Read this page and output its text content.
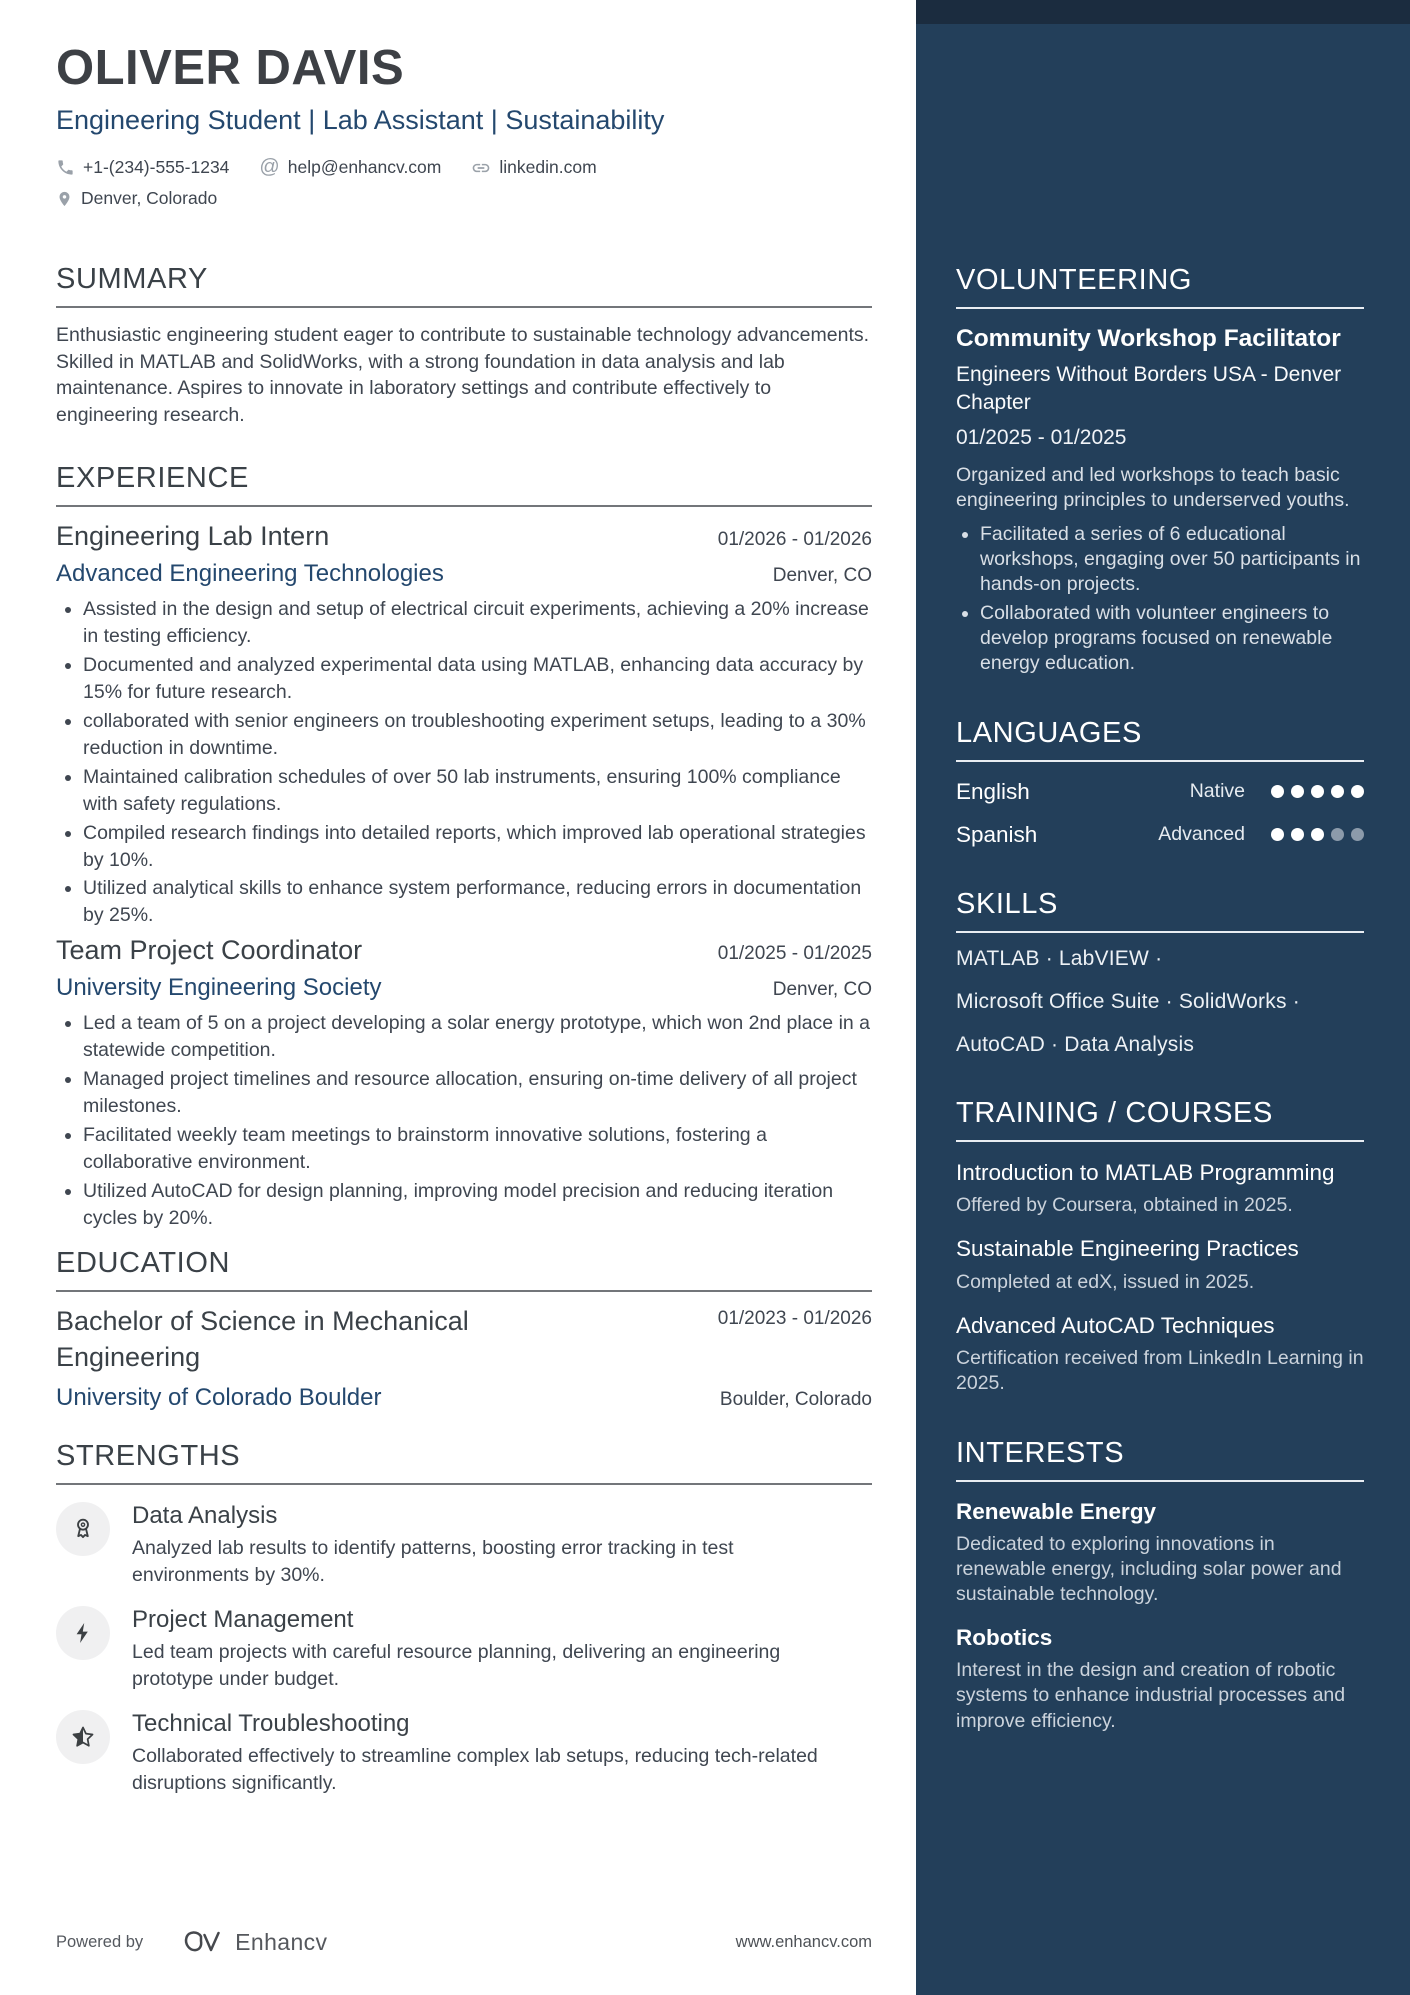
OLIVER DAVIS
Engineering Student | Lab Assistant | Sustainability
+1-(234)-555-1234 @ help@enhancv.com	linkedin.com
Denver, Colorado
SUMMARY
Enthusiastic engineering student eager to contribute to sustainable technology advancements. Skilled in MATLAB and SolidWorks, with a strong foundation in data analysis and lab maintenance. Aspires to innovate in laboratory settings and contribute effectively to engineering research.
EXPERIENCE
Engineering Lab Intern	01/2026 - 01/2026
Advanced Engineering Technologies	Denver, CO
• Assisted in the design and setup of electrical circuit experiments, achieving a 20% increase in testing efficiency.
• Documented and analyzed experimental data using MATLAB, enhancing data accuracy by 15% for future research.
• collaborated with senior engineers on troubleshooting experiment setups, leading to a 30% reduction in downtime.
• Maintained calibration schedules of over 50 lab instruments, ensuring 100% compliance with safety regulations.
• Compiled research findings into detailed reports, which improved lab operational strategies by 10%.
• Utilized analytical skills to enhance system performance, reducing errors in documentation by 25%.
Team Project Coordinator	01/2025 - 01/2025
University Engineering Society	Denver, CO
• Led a team of 5 on a project developing a solar energy prototype, which won 2nd place in a statewide competition.
• Managed project timelines and resource allocation, ensuring on-time delivery of all project milestones.
• Facilitated weekly team meetings to brainstorm innovative solutions, fostering a collaborative environment.
• Utilized AutoCAD for design planning, improving model precision and reducing iteration cycles by 20%.
EDUCATION
Bachelor of Science in Mechanical Engineering
01/2023 - 01/2026
University of Colorado Boulder	Boulder, Colorado
STRENGTHS
Data Analysis
Analyzed lab results to identify patterns, boosting error tracking in test environments by 30%.
Project Management
Led team projects with careful resource planning, delivering an engineering prototype under budget.
Technical Troubleshooting
Collaborated effectively to streamline complex lab setups, reducing tech-related disruptions significantly.
Powered by	Enhancv	www.enhancv.com
VOLUNTEERING
Community Workshop Facilitator
Engineers Without Borders USA - Denver Chapter
01/2025 - 01/2025
Organized and led workshops to teach basic engineering principles to underserved youths.
• Facilitated a series of 6 educational workshops, engaging over 50 participants in hands-on projects.
• Collaborated with volunteer engineers to develop programs focused on renewable energy education.
LANGUAGES
English	Native
Spanish	Advanced
SKILLS
MATLAB · LabVIEW ·
Microsoft Office Suite · SolidWorks ·
AutoCAD · Data Analysis
TRAINING / COURSES
Introduction to MATLAB Programming
Offered by Coursera, obtained in 2025.
Sustainable Engineering Practices
Completed at edX, issued in 2025.
Advanced AutoCAD Techniques
Certification received from LinkedIn Learning in 2025.
INTERESTS
Renewable Energy
Dedicated to exploring innovations in renewable energy, including solar power and sustainable technology.
Robotics
Interest in the design and creation of robotic systems to enhance industrial processes and improve efficiency.
